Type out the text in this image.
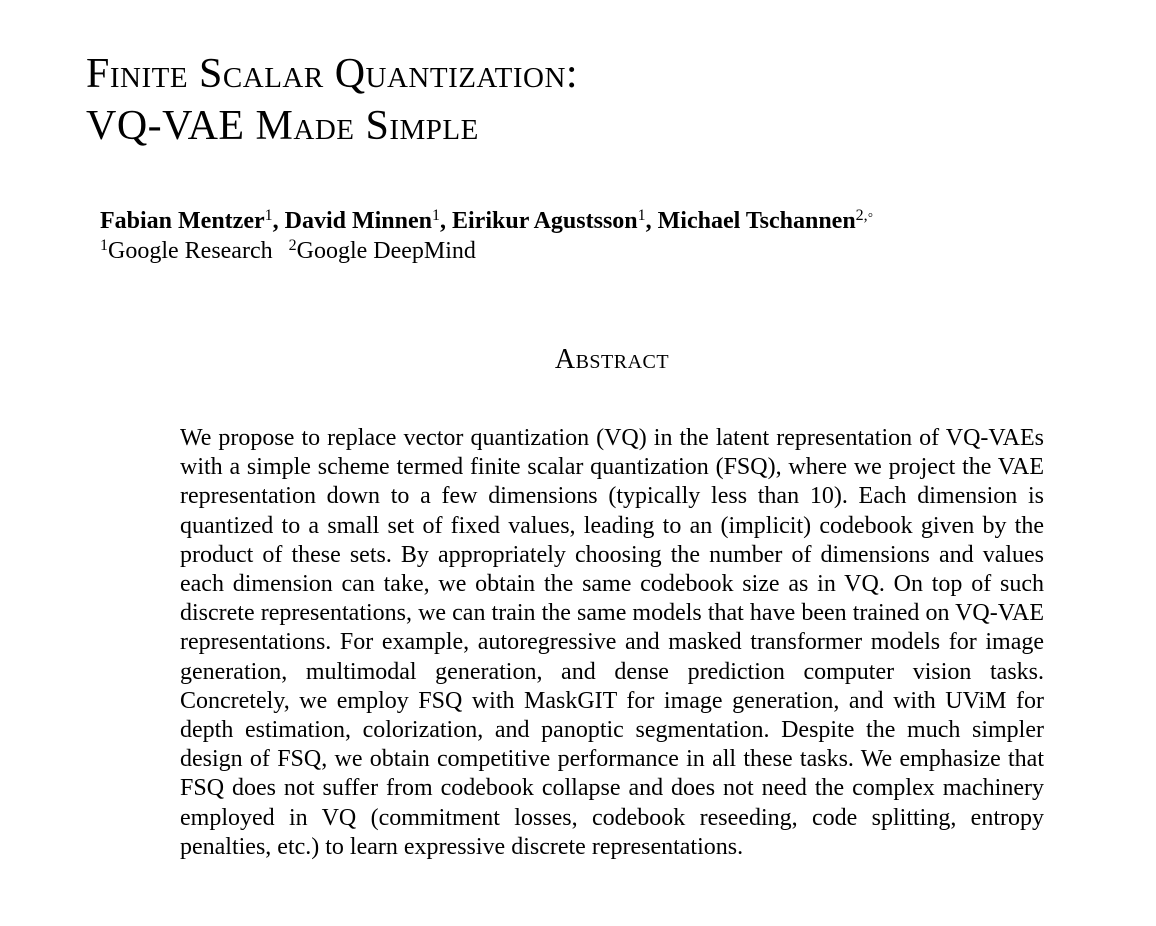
Finite Scalar Quantization:
VQ-VAE Made Simple
Fabian Mentzer$^1$, David Minnen$^1$, Eirikur Agustsson$^1$, Michael Tschannen$^{2,◦}$
$^1$Google Research $^2$Google DeepMind
Abstract

We propose to replace vector quantization (VQ) in the latent representation of VQ-VAEs with a simple scheme termed finite scalar quantization (FSQ), where we project the VAE representation down to a few dimensions (typically less than 10). Each dimension is quantized to a small set of fixed values, leading to an (implicit) codebook given by the product of these sets. By appropriately choosing the number of dimensions and values each dimension can take, we obtain the same codebook size as in VQ. On top of such discrete representations, we can train the same models that have been trained on VQ-VAE representations. For example, autoregressive and masked transformer models for image generation, multimodal generation, and dense prediction computer vision tasks. Concretely, we employ FSQ with MaskGIT for image generation, and with UViM for depth estimation, colorization, and panoptic segmentation. Despite the much simpler design of FSQ, we obtain competitive performance in all these tasks. We emphasize that FSQ does not suffer from codebook collapse and does not need the complex machinery employed in VQ (commitment losses, codebook reseeding, code splitting, entropy penalties, etc.) to learn expressive discrete representations.
